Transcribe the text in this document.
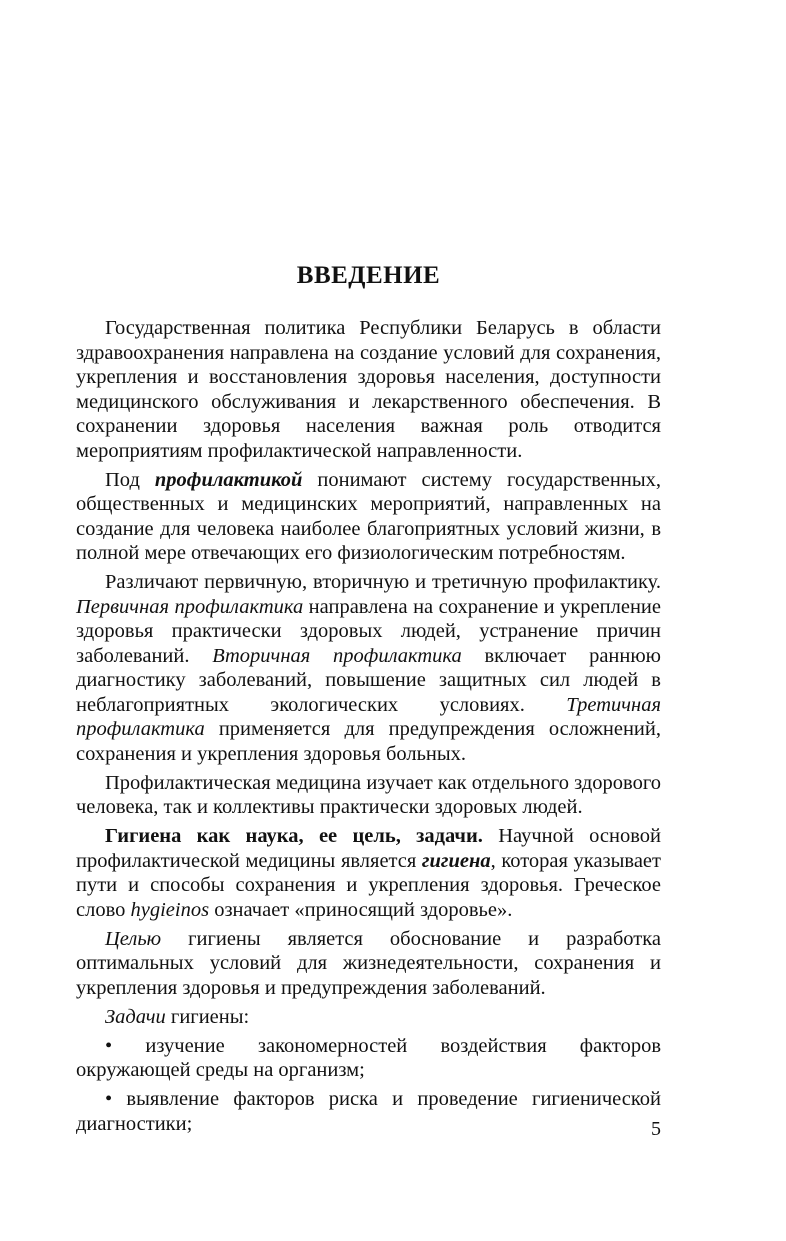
ВВЕДЕНИЕ

Государственная политика Республики Беларусь в области здравоохранения направлена на создание условий для сохранения, укрепления и восстановления здоровья населения, доступности медицинского обслуживания и лекарственного обеспечения. В сохранении здоровья населения важная роль отводится мероприятиям профилактической направленности.

Под профилактикой понимают систему государственных, общественных и медицинских мероприятий, направленных на создание для человека наиболее благоприятных условий жизни, в полной мере отвечающих его физиологическим потребностям.

Различают первичную, вторичную и третичную профилактику. Первичная профилактика направлена на сохранение и укрепление здоровья практически здоровых людей, устранение причин заболеваний. Вторичная профилактика включает раннюю диагностику заболеваний, повышение защитных сил людей в неблагоприятных экологических условиях. Третичная профилактика применяется для предупреждения осложнений, сохранения и укрепления здоровья больных.

Профилактическая медицина изучает как отдельного здорового человека, так и коллективы практически здоровых людей.

Гигиена как наука, ее цель, задачи. Научной основой профилактической медицины является гигиена, которая указывает пути и способы сохранения и укрепления здоровья. Греческое слово hygieinos означает «приносящий здоровье».

Целью гигиены является обоснование и разработка оптимальных условий для жизнедеятельности, сохранения и укрепления здоровья и предупреждения заболеваний.

Задачи гигиены:

• изучение закономерностей воздействия факторов окружающей среды на организм;

• выявление факторов риска и проведение гигиенической диагностики;	5
